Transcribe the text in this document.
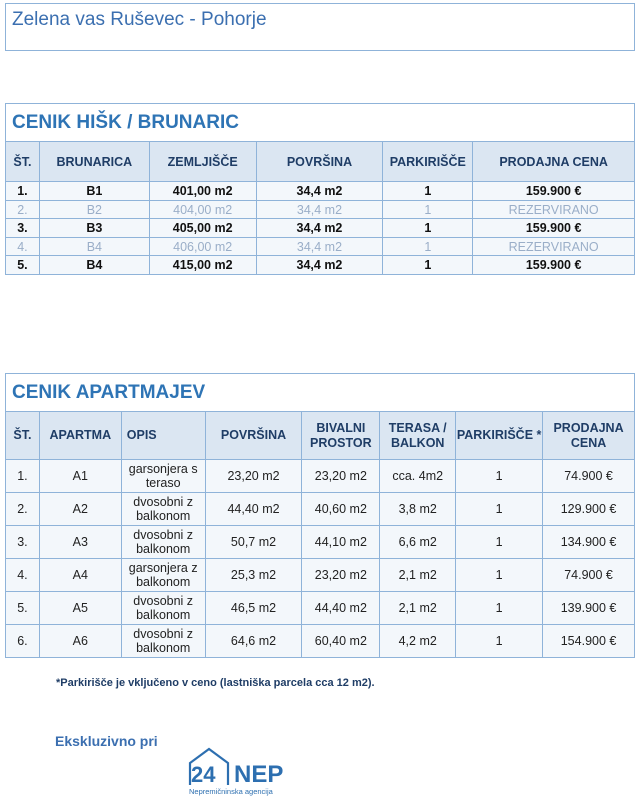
Zelena vas Ruševec - Pohorje
CENIK HIŠK / BRUNARIC
ŠT.	BRUNARICA	ZEMLJIŠČE	POVRŠINA	PARKIRIŠČE	PRODAJNA CENA
1.	B1	401,00 m2	34,4 m2	1	159.900 €
2.	B2	404,00 m2	34,4 m2	1	REZERVIRANO
3.	B3	405,00 m2	34,4 m2	1	159.900 €
4.	B4	406,00 m2	34,4 m2	1	REZERVIRANO
5.	B4	415,00 m2	34,4 m2	1	159.900 €
CENIK APARTMAJEV
ŠT.	APARTMA	OPIS	POVRŠINA	BIVALNI PROSTOR	TERASA / BALKON	PARKIRIŠČE *	PRODAJNA CENA
1.	A1	garsonjera s teraso	23,20 m2	23,20 m2	cca. 4m2	1	74.900 €
2.	A2	dvosobni z balkonom	44,40 m2	40,60 m2	3,8 m2	1	129.900 €
3.	A3	dvosobni z balkonom	50,7 m2	44,10 m2	6,6 m2	1	134.900 €
4.	A4	garsonjera z balkonom	25,3 m2	23,20 m2	2,1 m2	1	74.900 €
5.	A5	dvosobni z balkonom	46,5 m2	44,40 m2	2,1 m2	1	139.900 €
6.	A6	dvosobni z balkonom	64,6 m2	60,40 m2	4,2 m2	1	154.900 €
*Parkirišče je vključeno v ceno (lastniška parcela cca 12 m2).
Ekskluzivno pri
24 NEP
Nepremičninska agencija
